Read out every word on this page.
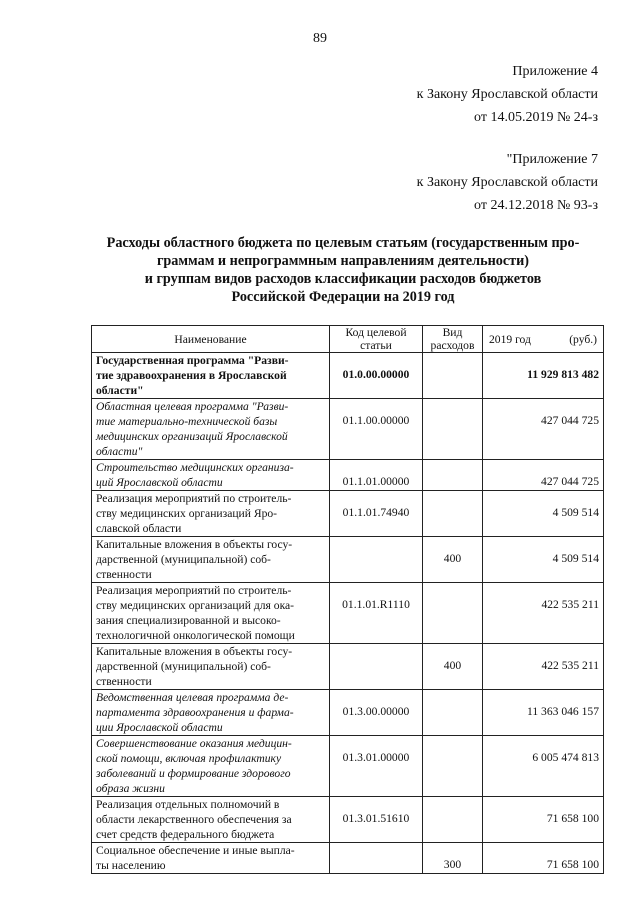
89
Приложение 4
к Закону Ярославской области
от 14.05.2019 № 24-з
"Приложение 7
к Закону Ярославской области
от 24.12.2018 № 93-з
Расходы областного бюджета по целевым статьям (государственным про-
граммам и непрограммным направлениям деятельности)
и группам видов расходов классификации расходов бюджетов
Российской Федерации на 2019 год
Наименование	Код целевой статьи	Вид расходов	2019 год (руб.)

Государственная программа "Разви-
тие здравоохранения в Ярославской
области"	01.0.00.00000		11 929 813 482

Областная целевая программа "Разви-
тие материально-технической базы
медицинских организаций Ярославской
области"	01.1.00.00000		427 044 725

Строительство медицинских организа-
ций Ярославской области	01.1.01.00000		427 044 725

Реализация мероприятий по строитель-
ству медицинских организаций Яро-
славской области	01.1.01.74940		4 509 514

Капитальные вложения в объекты госу-
дарственной (муниципальной) соб-
ственности		400	4 509 514

Реализация мероприятий по строитель-
ству медицинских организаций для ока-
зания специализированной и высоко-
технологичной онкологической помощи	01.1.01.R1110		422 535 211

Капитальные вложения в объекты госу-
дарственной (муниципальной) соб-
ственности		400	422 535 211

Ведомственная целевая программа де-
партамента здравоохранения и фарма-
ции Ярославской области	01.3.00.00000		11 363 046 157

Совершенствование оказания медицин-
ской помощи, включая профилактику
заболеваний и формирование здорового
образа жизни	01.3.01.00000		6 005 474 813

Реализация отдельных полномочий в
области лекарственного обеспечения за
счет средств федерального бюджета	01.3.01.51610		71 658 100

Социальное обеспечение и иные выпла-
ты населению		300	71 658 100
